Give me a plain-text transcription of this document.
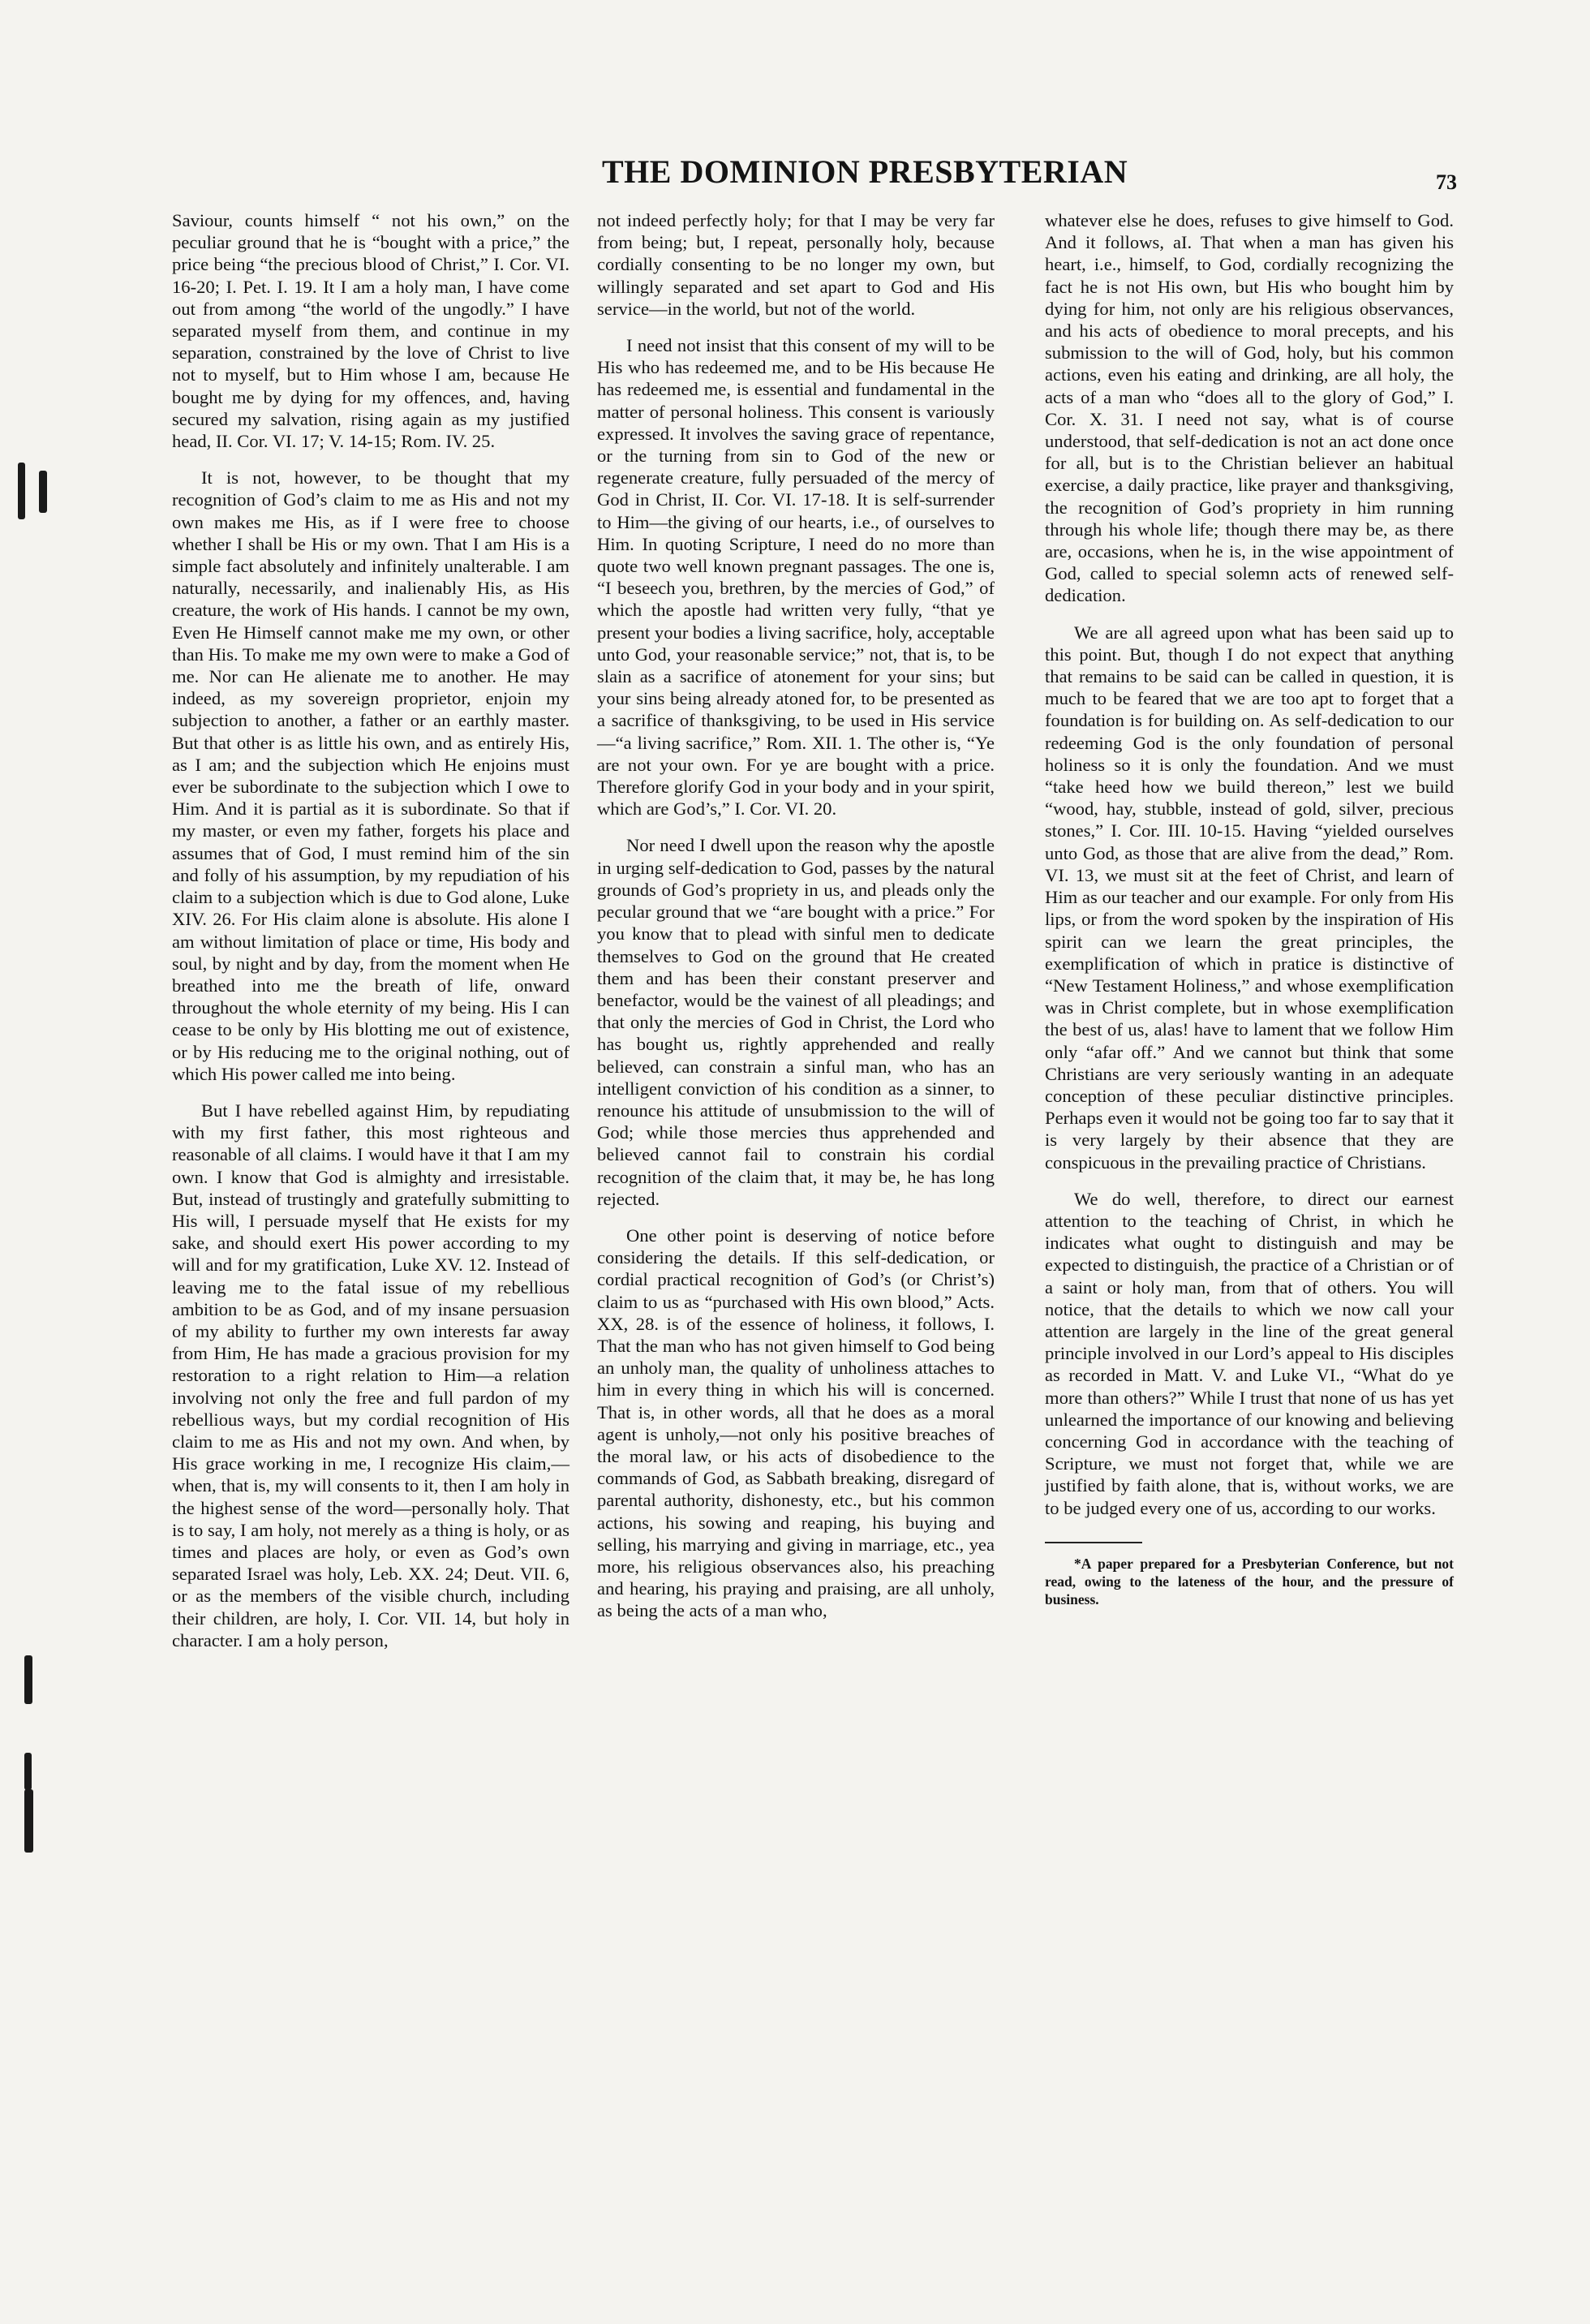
THE DOMINION PRESBYTERIAN	73

Saviour, counts himself “ not his own,” on the peculiar ground that he is “bought with a price,” the price being “the precious blood of Christ,” I. Cor. VI. 16-20; I. Pet. I. 19. It I am a holy man, I have come out from among “the world of the ungodly.” I have separated myself from them, and continue in my separation, constrained by the love of Christ to live not to myself, but to Him whose I am, because He bought me by dying for my offences, and, having secured my salvation, rising again as my justified head, II. Cor. VI. 17; V. 14-15; Rom. IV. 25.

It is not, however, to be thought that my recognition of God’s claim to me as His and not my own makes me His, as if I were free to choose whether I shall be His or my own. That I am His is a simple fact absolutely and infinitely unalterable. I am naturally, necessarily, and inalienably His, as His creature, the work of His hands. I cannot be my own, Even He Himself cannot make me my own, or other than His. To make me my own were to make a God of me. Nor can He alienate me to another. He may indeed, as my sovereign proprietor, enjoin my subjection to another, a father or an earthly master. But that other is as little his own, and as entirely His, as I am; and the subjection which He enjoins must ever be subordinate to the subjection which I owe to Him. And it is partial as it is subordinate. So that if my master, or even my father, forgets his place and assumes that of God, I must remind him of the sin and folly of his assumption, by my repudiation of his claim to a subjection which is due to God alone, Luke XIV. 26. For His claim alone is absolute. His alone I am without limitation of place or time, His body and soul, by night and by day, from the moment when He breathed into me the breath of life, onward throughout the whole eternity of my being. His I can cease to be only by His blotting me out of existence, or by His reducing me to the original nothing, out of which His power called me into being.

But I have rebelled against Him, by repudiating with my first father, this most righteous and reasonable of all claims. I would have it that I am my own. I know that God is almighty and irresistable. But, instead of trustingly and gratefully submitting to His will, I persuade myself that He exists for my sake, and should exert His power according to my will and for my gratification, Luke XV. 12. Instead of leaving me to the fatal issue of my rebellious ambition to be as God, and of my insane persuasion of my ability to further my own interests far away from Him, He has made a gracious provision for my restoration to a right relation to Him—a relation involving not only the free and full pardon of my rebellious ways, but my cordial recognition of His claim to me as His and not my own. And when, by His grace working in me, I recognize His claim,—when, that is, my will consents to it, then I am holy in the highest sense of the word—personally holy. That is to say, I am holy, not merely as a thing is holy, or as times and places are holy, or even as God’s own separated Israel was holy, Leb. XX. 24; Deut. VII. 6, or as the members of the visible church, including their children, are holy, I. Cor. VII. 14, but holy in character. I am a holy person,

not indeed perfectly holy; for that I may be very far from being; but, I repeat, personally holy, because cordially consenting to be no longer my own, but willingly separated and set apart to God and His service—in the world, but not of the world.

I need not insist that this consent of my will to be His who has redeemed me, and to be His because He has redeemed me, is essential and fundamental in the matter of personal holiness. This consent is variously expressed. It involves the saving grace of repentance, or the turning from sin to God of the new or regenerate creature, fully persuaded of the mercy of God in Christ, II. Cor. VI. 17-18. It is self-surrender to Him—the giving of our hearts, i.e., of ourselves to Him. In quoting Scripture, I need do no more than quote two well known pregnant passages. The one is, “I beseech you, brethren, by the mercies of God,” of which the apostle had written very fully, “that ye present your bodies a living sacrifice, holy, acceptable unto God, your reasonable service;” not, that is, to be slain as a sacrifice of atonement for your sins; but your sins being already atoned for, to be presented as a sacrifice of thanksgiving, to be used in His service—“a living sacrifice,” Rom. XII. 1. The other is, “Ye are not your own. For ye are bought with a price. Therefore glorify God in your body and in your spirit, which are God’s,” I. Cor. VI. 20.

Nor need I dwell upon the reason why the apostle in urging self-dedication to God, passes by the natural grounds of God’s propriety in us, and pleads only the pecular ground that we “are bought with a price.” For you know that to plead with sinful men to dedicate themselves to God on the ground that He created them and has been their constant preserver and benefactor, would be the vainest of all pleadings; and that only the mercies of God in Christ, the Lord who has bought us, rightly apprehended and really believed, can constrain a sinful man, who has an intelligent conviction of his condition as a sinner, to renounce his attitude of unsubmission to the will of God; while those mercies thus apprehended and believed cannot fail to constrain his cordial recognition of the claim that, it may be, he has long rejected.

One other point is deserving of notice before considering the details. If this self-dedication, or cordial practical recognition of God’s (or Christ’s) claim to us as “purchased with His own blood,” Acts. XX, 28. is of the essence of holiness, it follows, I. That the man who has not given himself to God being an unholy man, the quality of unholiness attaches to him in every thing in which his will is concerned. That is, in other words, all that he does as a moral agent is unholy,—not only his positive breaches of the moral law, or his acts of disobedience to the commands of God, as Sabbath breaking, disregard of parental authority, dishonesty, etc., but his common actions, his sowing and reaping, his buying and selling, his marrying and giving in marriage, etc., yea more, his religious observances also, his preaching and hearing, his praying and praising, are all unholy, as being the acts of a man who,

whatever else he does, refuses to give himself to God. And it follows, aI. That when a man has given his heart, i.e., himself, to God, cordially recognizing the fact he is not His own, but His who bought him by dying for him, not only are his religious observances, and his acts of obedience to moral precepts, and his submission to the will of God, holy, but his common actions, even his eating and drinking, are all holy, the acts of a man who “does all to the glory of God,” I. Cor. X. 31. I need not say, what is of course understood, that self-dedication is not an act done once for all, but is to the Christian believer an habitual exercise, a daily practice, like prayer and thanksgiving, the recognition of God’s propriety in him running through his whole life; though there may be, as there are, occasions, when he is, in the wise appointment of God, called to special solemn acts of renewed self-dedication.

We are all agreed upon what has been said up to this point. But, though I do not expect that anything that remains to be said can be called in question, it is much to be feared that we are too apt to forget that a foundation is for building on. As self-dedication to our redeeming God is the only foundation of personal holiness so it is only the foundation. And we must “take heed how we build thereon,” lest we build “wood, hay, stubble, instead of gold, silver, precious stones,” I. Cor. III. 10-15. Having “yielded ourselves unto God, as those that are alive from the dead,” Rom. VI. 13, we must sit at the feet of Christ, and learn of Him as our teacher and our example. For only from His lips, or from the word spoken by the inspiration of His spirit can we learn the great principles, the exemplification of which in pratice is distinctive of “New Testament Holiness,” and whose exemplification was in Christ complete, but in whose exemplification the best of us, alas! have to lament that we follow Him only “afar off.” And we cannot but think that some Christians are very seriously wanting in an adequate conception of these peculiar distinctive principles. Perhaps even it would not be going too far to say that it is very largely by their absence that they are conspicuous in the prevailing practice of Christians.

We do well, therefore, to direct our earnest attention to the teaching of Christ, in which he indicates what ought to distinguish and may be expected to distinguish, the practice of a Christian or of a saint or holy man, from that of others. You will notice, that the details to which we now call your attention are largely in the line of the great general principle involved in our Lord’s appeal to His disciples as recorded in Matt. V. and Luke VI., “What do ye more than others?” While I trust that none of us has yet unlearned the importance of our knowing and believing concerning God in accordance with the teaching of Scripture, we must not forget that, while we are justified by faith alone, that is, without works, we are to be judged every one of us, according to our works.

*A paper prepared for a Presbyterian Conference, but not read, owing to the lateness of the hour, and the pressure of business.
